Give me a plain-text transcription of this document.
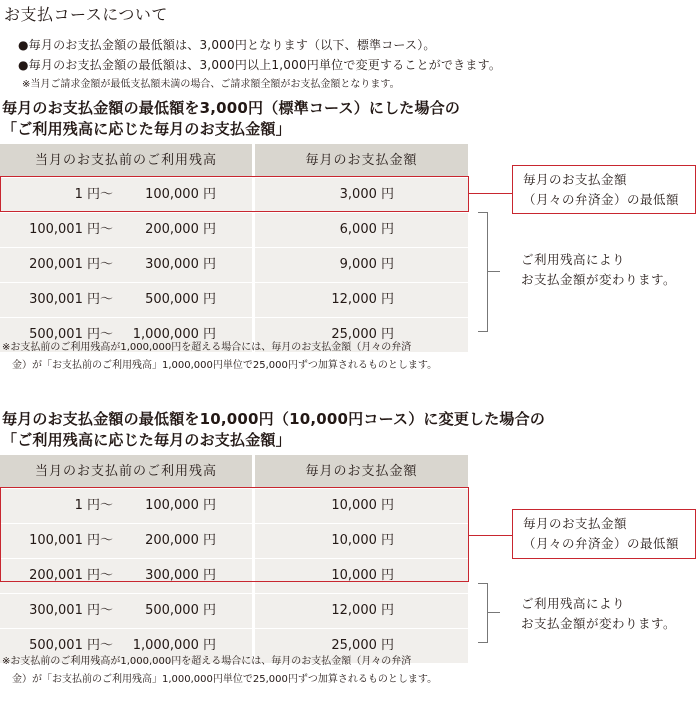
お支払コースについて
●毎月のお支払金額の最低額は、3,000円となります（以下、標準コース）。
●毎月のお支払金額の最低額は、3,000円以上1,000円単位で変更することができます。
※当月ご請求金額が最低支払額未満の場合、ご請求額全額がお支払金額となります。
毎月のお支払金額の最低額を3,000円（標準コース）にした場合の
「ご利用残高に応じた毎月のお支払金額」
当月のお支払前のご利用残高	毎月のお支払金額
1 円 ～ 100,000 円	3,000 円
100,001 円 ～ 200,000 円	6,000 円
200,001 円 ～ 300,000 円	9,000 円
300,001 円 ～ 500,000 円	12,000 円
500,001 円 ～ 1,000,000 円	25,000 円
毎月のお支払金額
（月々の弁済金）の最低額
ご利用残高により
お支払金額が変わります。
※お支払前のご利用残高が1,000,000円を超える場合には、毎月のお支払金額（月々の弁済
金）が「お支払前のご利用残高」1,000,000円単位で25,000円ずつ加算されるものとします。
毎月のお支払金額の最低額を10,000円（10,000円コース）に変更した場合の
「ご利用残高に応じた毎月のお支払金額」
当月のお支払前のご利用残高	毎月のお支払金額
1 円 ～ 100,000 円	10,000 円
100,001 円 ～ 200,000 円	10,000 円
200,001 円 ～ 300,000 円	10,000 円
300,001 円 ～ 500,000 円	12,000 円
500,001 円 ～ 1,000,000 円	25,000 円
毎月のお支払金額
（月々の弁済金）の最低額
ご利用残高により
お支払金額が変わります。
※お支払前のご利用残高が1,000,000円を超える場合には、毎月のお支払金額（月々の弁済
金）が「お支払前のご利用残高」1,000,000円単位で25,000円ずつ加算されるものとします。
